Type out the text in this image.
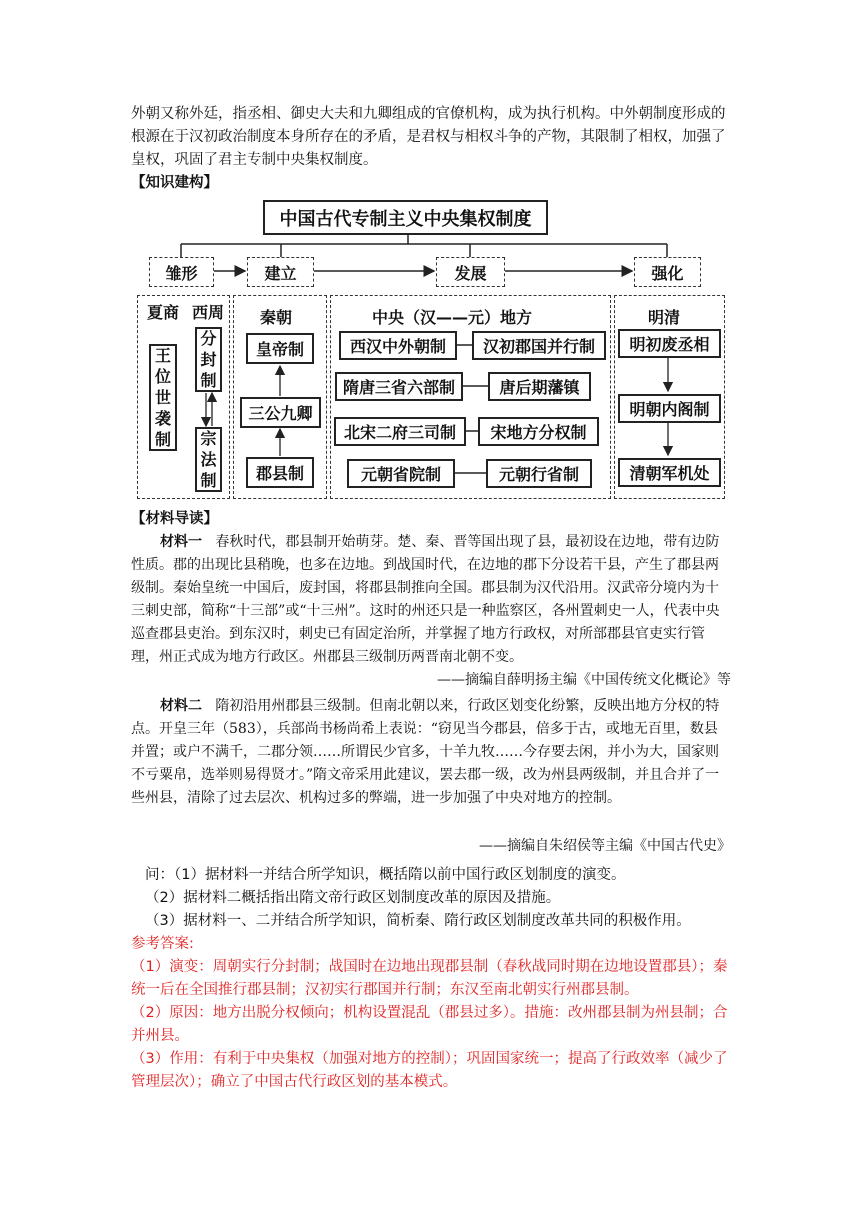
外朝又称外廷，指丞相、御史大夫和九卿组成的官僚机构，成为执行机构。中外朝制度形成的根源在于汉初政治制度本身所存在的矛盾，是君权与相权斗争的产物，其限制了相权，加强了皇权，巩固了君主专制中央集权制度。
【知识建构】
中国古代专制主义中央集权制度
雏形	建立	发展	强化
夏商 西周
王
位
世
袭
制
分
封
制
宗
法
制
秦朝
皇帝制
三公九卿
郡县制
中央（汉——元）地方
西汉中外朝制	汉初郡国并行制
隋唐三省六部制	唐后期藩镇
北宋二府三司制	宋地方分权制
元朝省院制	元朝行省制
明清
明初废丞相
明朝内阁制
清朝军机处
【材料导读】
材料一 春秋时代，郡县制开始萌芽。楚、秦、晋等国出现了县，最初设在边地，带有边防性质。郡的出现比县稍晚，也多在边地。到战国时代，在边地的郡下分设若干县，产生了郡县两级制。秦始皇统一中国后，废封国，将郡县制推向全国。郡县制为汉代沿用。汉武帝分境内为十三刺史部，简称“十三部”或“十三州”。这时的州还只是一种监察区，各州置刺史一人，代表中央巡查郡县吏治。到东汉时，刺史已有固定治所，并掌握了地方行政权，对所部郡县官吏实行管理，州正式成为地方行政区。州郡县三级制历两晋南北朝不变。
——摘编自薛明扬主编《中国传统文化概论》等
材料二 隋初沿用州郡县三级制。但南北朝以来，行政区划变化纷繁，反映出地方分权的特点。开皇三年（583），兵部尚书杨尚希上表说：“窃见当今郡县，倍多于古，或地无百里，数县并置；或户不满千，二郡分领……所谓民少官多，十羊九牧……今存要去闲，并小为大，国家则不亏粟帛，选举则易得贤才。”隋文帝采用此建议，罢去郡一级，改为州县两级制，并且合并了一些州县，清除了过去层次、机构过多的弊端，进一步加强了中央对地方的控制。
——摘编自朱绍侯等主编《中国古代史》
问：（1）据材料一并结合所学知识，概括隋以前中国行政区划制度的演变。
（2）据材料二概括指出隋文帝行政区划制度改革的原因及措施。
（3）据材料一、二并结合所学知识，简析秦、隋行政区划制度改革共同的积极作用。
参考答案:
（1）演变：周朝实行分封制；战国时在边地出现郡县制（春秋战同时期在边地设置郡县）；秦统一后在全国推行郡县制；汉初实行郡国并行制；东汉至南北朝实行州郡县制。
（2）原因：地方出脱分权倾向；机构设置混乱（郡县过多）。措施：改州郡县制为州县制；合并州县。
（3）作用：有利于中央集权（加强对地方的控制）；巩固国家统一；提高了行政效率（减少了管理层次）；确立了中国古代行政区划的基本模式。
